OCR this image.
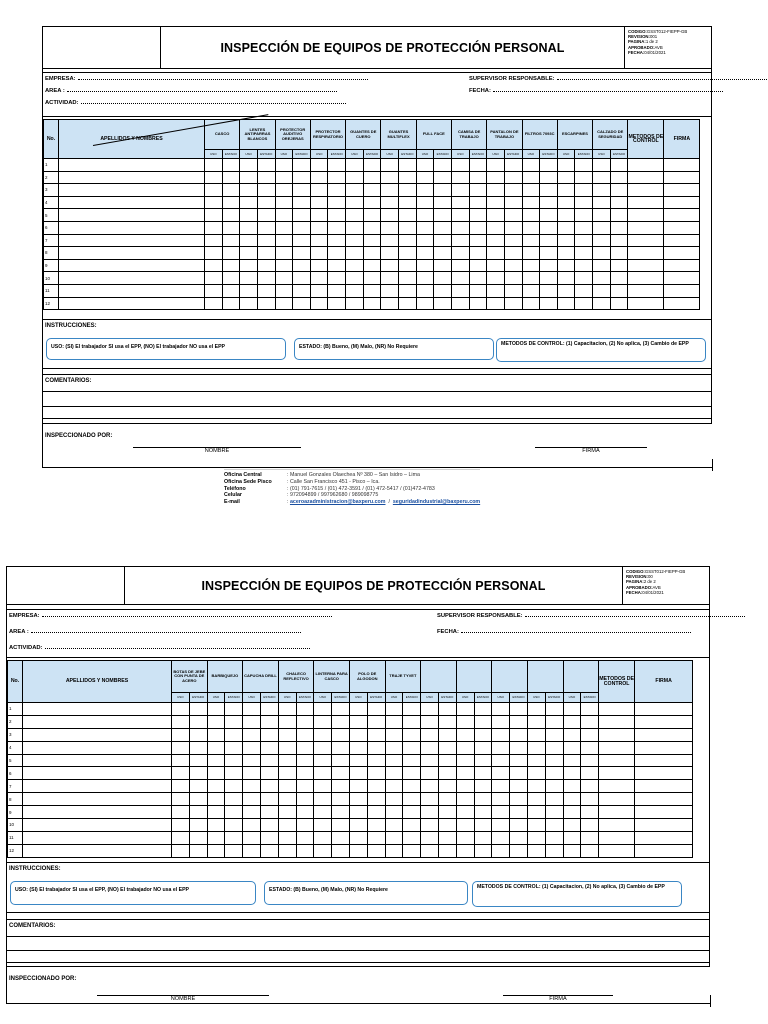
INSPECCIÓN DE EQUIPOS DE PROTECCIÓN PERSONAL
CODIGO:GSST012-FIEPP-GB
REVISION:001
PAGINA:1 de 2
APROBADO:AVB
FECHA:04/01/2021
EMPRESA:
AREA :
ACTIVIDAD:
SUPERVISOR RESPONSABLE:
FECHA:
No.	APELLIDOS Y NOMBRES	CASCO		LENTES ANTIPARRAS BLANCOS		PROTECTOR AUDITIVO OREJERAS		PROTECTOR RESPIRATORIO		GUANTES DE CUERO		GUANTES MULTIFLEX		FULL FACE		CAMISA DE TRABAJO		PANTALON DE TRABAJO		FILTROS 7093C		ESCARPINES		CALZADO DE SEGURIDAD		METODOS DE CONTROL	FIRMA
		USO	ESTADO	USO	ESTADO	USO	ESTADO	USO	ESTADO	USO	ESTADO	USO	ESTADO	USO	ESTADO	USO	ESTADO	USO	ESTADO	USO	ESTADO	USO	ESTADO	USO	ESTADO		
1																											
2																											
3																											
4																											
5																											
6																											
7																											
8																											
9																											
10																											
11																											
12																											
INSTRUCCIONES:
USO: (SI) El trabajador SI usa el EPP, (NO) El trabajador NO usa el EPP	ESTADO: (B) Bueno, (M) Malo, (NR) No Requiere	METODOS DE CONTROL: (1) Capacitacion, (2) No aplica, (3) Cambio de EPP
COMENTARIOS:
INSPECCIONADO POR:
NOMBRE	FIRMA
INSPECCIÓN DE EQUIPOS DE PROTECCIÓN PERSONAL
CODIGO:GSST012-FIEPP-GB
REVISION:00
PAGINA:2 de 2
APROBADO:AVB
FECHA:04/01/2021
EMPRESA:
AREA :
ACTIVIDAD:
SUPERVISOR RESPONSABLE:
FECHA:
No.	APELLIDOS Y NOMBRES	BOTAS DE JEBE CON PUNTA DE ACERO		BARBIQUEJO		CAPUCHA DRILL		CHALECO REFLECTIVO		LINTERNA PARA CASCO		POLO DE ALGODON		TRAJE TYVET												METODOS DE CONTROL	FIRMA
		USO	ESTADO	USO	ESTADO	USO	ESTADO	USO	ESTADO	USO	ESTADO	USO	ESTADO	USO	ESTADO	USO	ESTADO	USO	ESTADO	USO	ESTADO	USO	ESTADO	USO	ESTADO		
1																											
2																											
3																											
4																											
5																											
6																											
7																											
8																											
9																											
10																											
11																											
12																											
INSTRUCCIONES:
USO: (SI) El trabajador SI usa el EPP, (NO) El trabajador NO usa el EPP	ESTADO: (B) Bueno, (M) Malo, (NR) No Requiere	METODOS DE CONTROL: (1) Capacitacion, (2) No aplica, (3) Cambio de EPP
COMENTARIOS:
INSPECCIONADO POR:
NOMBRE	FIRMA
Oficina Central	: Manuel Gonzales Olaechea Nº 380 – San Isidro – Lima
Oficina Sede Pisco	: Calle San Francisco 451 - Pisco – Ica.
Teléfono	: (01) 791-7615 / (01) 472-3591 / (01) 472-5417 / (01)472-4783
Celular	: 972094899 / 997962680 / 989098775
E-mail	: aceroazadministracion@baxperu.com  /  seguridadindustrial@baxperu.com
